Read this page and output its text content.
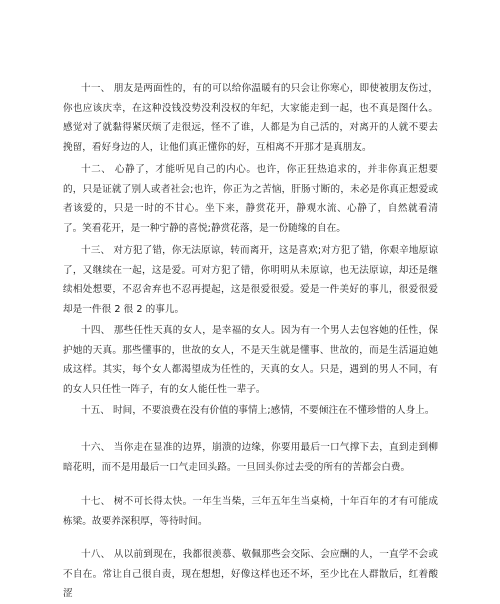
十一、 朋友是两面性的，有的可以给你温暖有的只会让你寒心，即使被朋友伤过，你也应该庆幸，在这种没钱没势没利没权的年纪，大家能走到一起，也不真是图什么。感觉对了就黏得紧厌烦了走很远，怪不了谁，人都是为自己活的，对离开的人就不要去挽留，看好身边的人，让他们真正懂你的好，互相离不开那才是真朋友。

十二、 心静了，才能听见自己的内心。也许，你正狂热追求的，并非你真正想要的，只是证就了别人或者社会;也许，你正为之苦恼，肝肠寸断的，未必是你真正想爱或者该爱的，只是一时的不甘心。坐下来，静赏花开，静观水流、心静了，自然就看清了。笑看花开，是一种宁静的喜悦;静赏花落，是一份随缘的自在。

十三、 对方犯了错，你无法原谅，转而离开，这是喜欢;对方犯了错，你艰辛地原谅了，又继续在一起，这是爱。可对方犯了错，你明明从未原谅，也无法原谅，却还是继续相处想要，不忍舍弃也不忍再提起，这是很爱很爱。爱是一件美好的事儿，很爱很爱却是一件很 2 很 2 的事儿。

十四、 那些任性天真的女人，是幸福的女人。因为有一个男人去包容她的任性，保护她的天真。那些懂事的，世故的女人，不是天生就是懂事、世故的，而是生活逼迫她成这样。其实，每个女人都渴望成为任性的，天真的女人。只是，遇到的男人不同，有的女人只任性一阵子，有的女人能任性一辈子。

十五、 时间，不要浪费在没有价值的事情上;感情，不要倾注在不懂珍惜的人身上。

十六、 当你走在显准的边界，崩溃的边缘，你要用最后一口气撑下去，直到走到柳暗花明，而不是用最后一口气走回头路。一旦回头你过去受的所有的苦都会白费。

十七、 树不可长得太快。一年生当柴，三年五年生当桌椅，十年百年的才有可能成栋梁。故要养深积厚，等待时间。

十八、 从以前到现在，我都很羡慕、敬佩那些会交际、会应酬的人，一直学不会或不自在。常让自己很自责，现在想想，好像这样也还不坏，至少比在人群散后，红着酸涩
